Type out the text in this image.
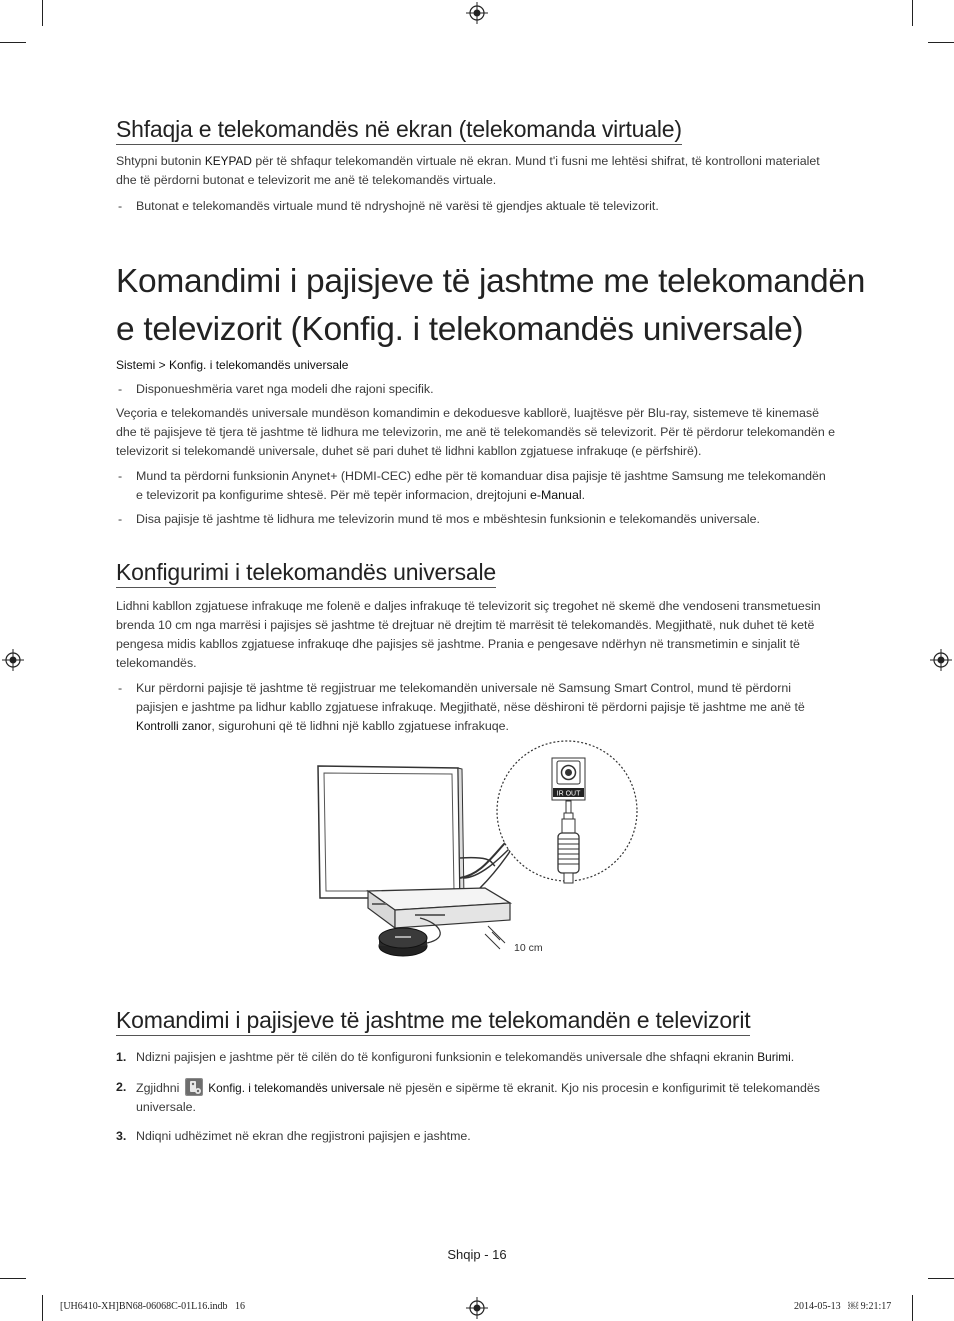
Shfaqja e telekomandës në ekran (telekomanda virtuale)
Shtypni butonin KEYPAD për të shfaqur telekomandën virtuale në ekran. Mund t'i fusni me lehtësi shifrat, të kontrolloni materialet dhe të përdorni butonat e televizorit me anë të telekomandës virtuale.
- Butonat e telekomandës virtuale mund të ndryshojnë në varësi të gjendjes aktuale të televizorit.
Komandimi i pajisjeve të jashtme me telekomandën
e televizorit (Konfig. i telekomandës universale)
Sistemi > Konfig. i telekomandës universale
- Disponueshmëria varet nga modeli dhe rajoni specifik.
Veçoria e telekomandës universale mundëson komandimin e dekoduesve kabllorë, luajtësve për Blu-ray, sistemeve të kinemasë dhe të pajisjeve të tjera të jashtme të lidhura me televizorin, me anë të telekomandës së televizorit. Për të përdorur telekomandën e televizorit si telekomandë universale, duhet së pari duhet të lidhni kabllon zgjatuese infrakuqe (e përfshirë).
- Mund ta përdorni funksionin Anynet+ (HDMI-CEC) edhe për të komanduar disa pajisje të jashtme Samsung me telekomandën e televizorit pa konfigurime shtesë. Për më tepër informacion, drejtojuni e-Manual.
- Disa pajisje të jashtme të lidhura me televizorin mund të mos e mbështesin funksionin e telekomandës universale.
Konfigurimi i telekomandës universale
Lidhni kabllon zgjatuese infrakuqe me folenë e daljes infrakuqe të televizorit siç tregohet në skemë dhe vendoseni transmetuesin brenda 10 cm nga marrësi i pajisjes së jashtme të drejtuar në drejtim të marrësit të telekomandës. Megjithatë, nuk duhet të ketë pengesa midis kabllos zgjatuese infrakuqe dhe pajisjes së jashtme. Prania e pengesave ndërhyn në transmetimin e sinjalit të telekomandës.
- Kur përdorni pajisje të jashtme të regjistruar me telekomandën universale në Samsung Smart Control, mund të përdorni pajisjen e jashtme pa lidhur kabllo zgjatuese infrakuqe. Megjithatë, nëse dëshironi të përdorni pajisje të jashtme me anë të Kontrolli zanor, sigurohuni që të lidhni një kabllo zgjatuese infrakuqe.
10 cm
IR OUT
Komandimi i pajisjeve të jashtme me telekomandën e televizorit
1. Ndizni pajisjen e jashtme për të cilën do të konfiguroni funksionin e telekomandës universale dhe shfaqni ekranin Burimi.
2. Zgjidhni
Konfig. i telekomandës universale në pjesën e sipërme të ekranit. Kjo nis procesin e konfigurimit të telekomandës universale.
3. Ndiqni udhëzimet në ekran dhe regjistroni pajisjen e jashtme.
Shqip - 16
[UH6410-XH]BN68-06068C-01L16.indb   16	2014-05-13   ￼ 9:21:17
